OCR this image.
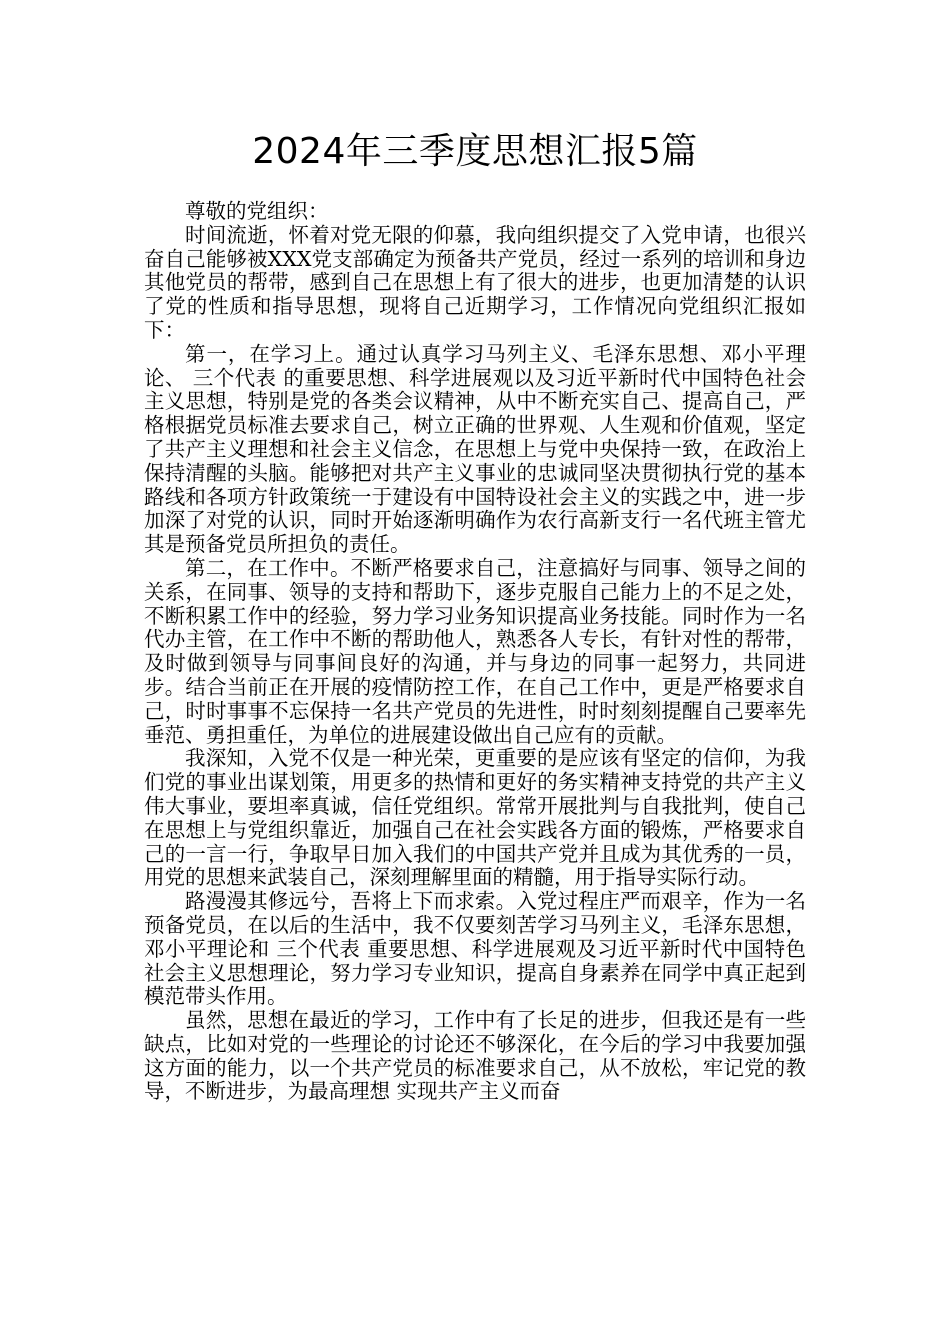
2024年三季度思想汇报5篇

尊敬的党组织：

时间流逝，怀着对党无限的仰慕，我向组织提交了入党申请，也很兴奋自己能够被XXX党支部确定为预备共产党员，经过一系列的培训和身边其他党员的帮带，感到自己在思想上有了很大的进步，也更加清楚的认识了党的性质和指导思想，现将自己近期学习，工作情况向党组织汇报如下：

第一，在学习上。通过认真学习马列主义、毛泽东思想、邓小平理论、 三个代表 的重要思想、科学进展观以及习近平新时代中国特色社会主义思想，特别是党的各类会议精神，从中不断充实自己、提高自己，严格根据党员标准去要求自己，树立正确的世界观、人生观和价值观，坚定了共产主义理想和社会主义信念，在思想上与党中央保持一致，在政治上保持清醒的头脑。能够把对共产主义事业的忠诚同坚决贯彻执行党的基本路线和各项方针政策统一于建设有中国特设社会主义的实践之中，进一步加深了对党的认识，同时开始逐渐明确作为农行高新支行一名代班主管尤其是预备党员所担负的责任。

第二，在工作中。不断严格要求自己，注意搞好与同事、领导之间的关系，在同事、领导的支持和帮助下，逐步克服自己能力上的不足之处，不断积累工作中的经验，努力学习业务知识提高业务技能。同时作为一名代办主管，在工作中不断的帮助他人，熟悉各人专长，有针对性的帮带，及时做到领导与同事间良好的沟通，并与身边的同事一起努力，共同进步。结合当前正在开展的疫情防控工作，在自己工作中，更是严格要求自己，时时事事不忘保持一名共产党员的先进性，时时刻刻提醒自己要率先垂范、勇担重任，为单位的进展建设做出自己应有的贡献。

我深知，入党不仅是一种光荣，更重要的是应该有坚定的信仰，为我们党的事业出谋划策，用更多的热情和更好的务实精神支持党的共产主义伟大事业，要坦率真诚，信任党组织。常常开展批判与自我批判，使自己在思想上与党组织靠近，加强自己在社会实践各方面的锻炼，严格要求自己的一言一行，争取早日加入我们的中国共产党并且成为其优秀的一员，用党的思想来武装自己，深刻理解里面的精髓，用于指导实际行动。

路漫漫其修远兮，吾将上下而求索。入党过程庄严而艰辛，作为一名预备党员，在以后的生活中，我不仅要刻苦学习马列主义，毛泽东思想，邓小平理论和 三个代表 重要思想、科学进展观及习近平新时代中国特色社会主义思想理论，努力学习专业知识，提高自身素养在同学中真正起到模范带头作用。

虽然，思想在最近的学习，工作中有了长足的进步，但我还是有一些缺点，比如对党的一些理论的讨论还不够深化，在今后的学习中我要加强这方面的能力，以一个共产党员的标准要求自己，从不放松，牢记党的教导，不断进步，为最高理想 实现共产主义而奋
